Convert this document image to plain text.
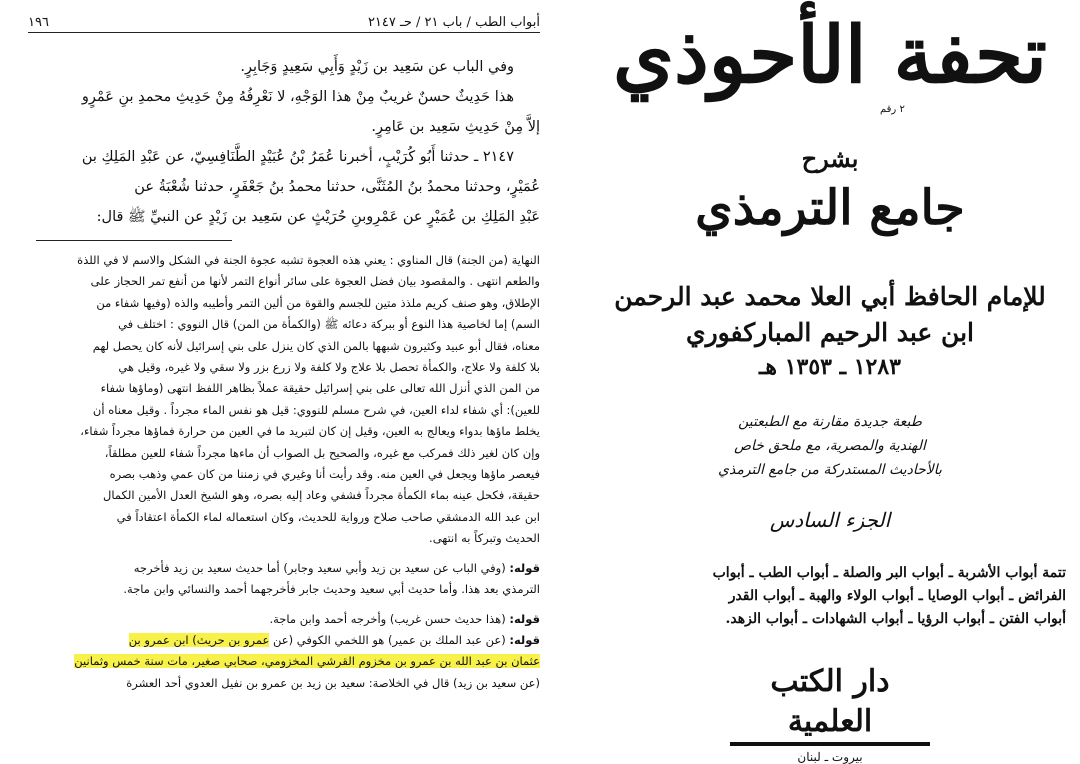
أبواب الطب / باب ٢١ / حـ ٢١٤٧
١٩٦

وفي الباب عن سَعِيد بن زَيْدٍ وَأَبِي سَعِيدٍ وَجَابِرٍ.

هذا حَدِيثٌ حسنٌ غريبٌ مِنْ هذا الوَجْهِ، لا نَعْرِفُهُ مِنْ حَدِيثِ محمدِ بنِ عَمْرٍو

إلاَّ مِنْ حَدِيثِ سَعِيد بن عَامِرٍ.

٢١٤٧ ـ حدثنا أَبُو كُرَيْبٍ، أخبرنا عُمَرُ بْنُ عُبَيْدٍ الطَّنَافِسِيّ، عن عَبْدِ المَلِكِ بن

عُمَيْرٍ، وحدثنا محمدُ بنُ المُثَنَّى، حدثنا محمدُ بنُ جَعْفَرٍ، حدثنا شُعْبَةُ عن

عَبْدِ المَلِكِ بن عُمَيْرٍ عن عَمْرِوبنِ حُرَيْثٍ عن سَعِيد بن زَيْدٍ عن النبيِّ ﷺ قال:

النهاية (من الجنة) قال المناوي : يعني هذه العجوة تشبه عجوة الجنة في الشكل والاسم لا في اللذة

والطعم انتهى . والمقصود بيان فضل العجوة على سائر أنواع التمر لأنها من أنفع تمر الحجاز على

الإطلاق، وهو صنف كريم ملذذ متين للجسم والقوة من ألين التمر وأطيبه والذه (وفيها شفاء من

السم) إما لخاصية هذا النوع أو ببركة دعائه ﷺ (والكمأة من المن) قال النووي : اختلف في

معناه، فقال أبو عبيد وكثيرون شبهها بالمن الذي كان ينزل على بني إسرائيل لأنه كان يحصل لهم

بلا كلفة ولا علاج، والكمأة تحصل بلا علاج ولا كلفة ولا زرع بزر ولا سقي ولا غيره، وقيل هي

من المن الذي أنزل الله تعالى على بني إسرائيل حقيقة عملاً بظاهر اللفظ انتهى (وماؤها شفاء

للعين): أي شفاء لداء العين، في شرح مسلم للنووي: قيل هو نفس الماء مجرداً . وقيل معناه أن

يخلط ماؤها بدواء ويعالج به العين، وقيل إن كان لتبريد ما في العين من حرارة فماؤها مجرداً شفاء،

وإن كان لغير ذلك فمركب مع غيره، والصحيح بل الصواب أن ماءها مجرداً شفاء للعين مطلقاً،

فيعصر ماؤها ويجعل في العين منه. وقد رأيت أنا وغيري في زمننا من كان عمي وذهب بصره

حقيقة، فكحل عينه بماء الكمأة مجرداً فشفي وعاد إليه بصره، وهو الشيخ العدل الأمين الكمال

ابن عبد الله الدمشقي صاحب صلاح ورواية للحديث، وكان استعماله لماء الكمأة اعتقاداً في

الحديث وتبركاً به انتهى.

قوله: (وفي الباب عن سعيد بن زيد وأبي سعيد وجابر) أما حديث سعيد بن زيد فأخرجه

الترمذي بعد هذا. وأما حديث أبي سعيد وحديث جابر فأخرجهما أحمد والنسائي وابن ماجة.

قوله: (هذا حديث حسن غريب) وأخرجه أحمد وابن ماجة.

قوله: (عن عبد الملك بن عمير) هو اللخمي الكوفي (عن عمرو بن حريث) ابن عمرو بن

عثمان بن عبد الله بن عمرو بن مخزوم القرشي المخزومي، صحابي صغير، مات سنة خمس وثمانين

(عن سعيد بن زيد) قال في الخلاصة: سعيد بن زيد بن عمرو بن نفيل العدوي أحد العشرة

تحفة الأحوذي
٢ رقم
بشرح
جامع الترمذي
للإمام الحافظ أبي العلا محمد عبد الرحمن
ابن عبد الرحيم المباركفوري
١٢٨٣ ـ ١٣٥٣ هـ

طبعة جديدة مقارنة مع الطبعتين

الهندية والمصرية، مع ملحق خاص

بالأحاديث المستدركة من جامع الترمذي

الجزء السادس

تتمة أبواب الأشربة ـ أبواب البر والصلة ـ أبواب الطب ـ أبواب

الفرائض ـ أبواب الوصايا ـ أبواب الولاء والهبة ـ أبواب القدر

أبواب الفتن ـ أبواب الرؤيا ـ أبواب الشهادات ـ أبواب الزهد.

دار الكتب العلمية
بيروت ـ لبنان
